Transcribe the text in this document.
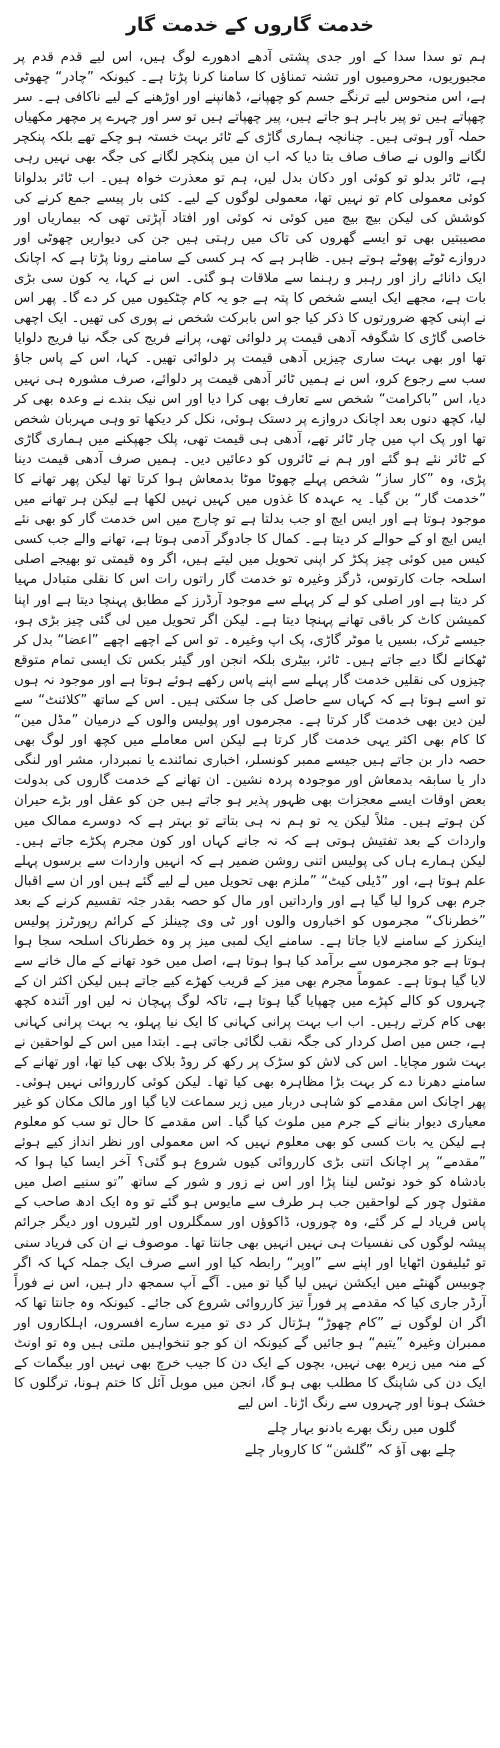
خدمت گاروں کے خدمت گار

ہم تو سدا سدا کے اور جدی پشتی آدھے ادھورے لوگ ہیں، اس لیے قدم قدم پر مجبوریوں، محرومیوں اور تشنہ تمناؤں کا سامنا کرنا پڑتا ہے۔ کیونکہ ”چادر“ چھوٹی ہے، اس منحوس لیے ترنگے جسم کو چھپانے، ڈھانپنے اور اوڑھنے کے لیے ناکافی ہے۔ سر چھپاتے ہیں تو پیر باہر ہو جاتے ہیں، پیر چھپاتے ہیں تو سر اور چہرے پر مچھر مکھیاں حملہ آور ہوتی ہیں۔ چنانچہ ہماری گاڑی کے ٹائر بہت خستہ ہو چکے تھے بلکہ پنکچر لگانے والوں نے صاف صاف بتا دیا کہ اب ان میں پنکچر لگانے کی جگہ بھی نہیں رہی ہے، ٹائر بدلو تو کوئی اور دکان بدل لیں، ہم تو معذرت خواہ ہیں۔ اب ٹائر بدلوانا کوئی معمولی کام تو نہیں تھا، معمولی لوگوں کے لیے۔ کئی بار پیسے جمع کرنے کی کوشش کی لیکن بیچ بیچ میں کوئی نہ کوئی اور افتاد آپڑتی تھی کہ بیماریاں اور مصیبتیں بھی تو ایسے گھروں کی تاک میں رہتی ہیں جن کی دیواریں چھوٹی اور دروازے ٹوٹے پھوٹے ہوتے ہیں۔ ظاہر ہے کہ ہر کسی کے سامنے رونا پڑتا ہے کہ اچانک ایک دانائے راز اور رہبر و رہنما سے ملاقات ہو گئی۔ اس نے کہا، یہ کون سی بڑی بات ہے، مجھے ایک ایسے شخص کا پتہ ہے جو یہ کام چٹکیوں میں کر دے گا۔ پھر اس نے اپنی کچھ ضرورتوں کا ذکر کیا جو اس بابرکت شخص نے پوری کی تھیں۔ ایک اچھی خاصی گاڑی کا شگوفہ آدھی قیمت پر دلوائی تھی، پرانے فریج کی جگہ نیا فریج دلوایا تھا اور بھی بہت ساری چیزیں آدھی قیمت پر دلوائی تھیں۔ کہا، اس کے پاس جاؤ سب سے رجوع کرو، اس نے ہمیں ٹائر آدھی قیمت پر دلوائے، صرف مشورہ ہی نہیں دیا، اس ”باکرامت“ شخص سے تعارف بھی کرا دیا اور اس نیک بندے نے وعدہ بھی کر لیا، کچھ دنوں بعد اچانک دروازے پر دستک ہوئی، نکل کر دیکھا تو وہی مہربان شخص تھا اور پک اپ میں چار ٹائر تھے، آدھی ہی قیمت تھی، پلک جھپکنے میں ہماری گاڑی کے ٹائر نئے ہو گئے اور ہم نے ٹائروں کو دعائیں دیں۔ ہمیں صرف آدھی قیمت دینا پڑی، وہ ”کار ساز“ شخص پہلے چھوٹا موٹا بدمعاش ہوا کرتا تھا لیکن پھر تھانے کا ”خدمت گار“ بن گیا۔ یہ عہدہ کا غذوں میں کہیں نہیں لکھا ہے لیکن ہر تھانے میں موجود ہوتا ہے اور ایس ایچ او جب بدلتا ہے تو چارج میں اس خدمت گار کو بھی نئے ایس ایچ او کے حوالے کر دیتا ہے۔ کمال کا جادوگر آدمی ہوتا ہے، تھانے والے جب کسی کیس میں کوئی چیز پکڑ کر اپنی تحویل میں لیتے ہیں، اگر وہ قیمتی تو بھیجے اصلی اسلحہ جات کارتوس، ڈرگز وغیرہ تو خدمت گار راتوں رات اس کا نقلی متبادل مہیا کر دیتا ہے اور اصلی کو لے کر پہلے سے موجود آرڈرز کے مطابق پہنچا دیتا ہے اور اپنا کمیشن کاٹ کر باقی تھانے پہنچا دیتا ہے۔ لیکن اگر تحویل میں لی گئی چیز بڑی ہو، جیسے ٹرک، بسیں یا موٹر گاڑی، پک اپ وغیرہ۔ تو اس کے اچھے اچھے ”اعضا“ بدل کر ٹھکانے لگا دیے جاتے ہیں۔ ٹائر، بیٹری بلکہ انجن اور گیئر بکس تک ایسی تمام متوقع چیزوں کی نقلیں خدمت گار پہلے سے اپنے پاس رکھے ہوئے ہوتا ہے اور موجود نہ ہوں تو اسے ہوتا ہے کہ کہاں سے حاصل کی جا سکتی ہیں۔ اس کے ساتھ ”کلائنٹ“ سے لین دین بھی خدمت گار کرتا ہے۔ مجرموں اور پولیس والوں کے درمیان ”مڈل مین“ کا کام بھی اکثر یہی خدمت گار کرتا ہے لیکن اس معاملے میں کچھ اور لوگ بھی حصہ دار بن جاتے ہیں جیسے ممبر کونسلر، اخباری نمائندے یا نمبردار، مشر اور لنگی دار یا سابقہ بدمعاش اور موجودہ پردہ نشین۔ ان تھانے کے خدمت گاروں کی بدولت بعض اوقات ایسے معجزات بھی ظہور پذیر ہو جاتے ہیں جن کو عقل اور بڑے حیران کن ہوتے ہیں۔ مثلاً لیکن یہ تو ہم نہ ہی بتاتے تو بہتر ہے کہ دوسرے ممالک میں واردات کے بعد تفتیش ہوتی ہے کہ نہ جانے کہاں اور کون مجرم پکڑے جاتے ہیں۔ لیکن ہمارے ہاں کی پولیس اتنی روشن ضمیر ہے کہ انہیں واردات سے برسوں پہلے علم ہوتا ہے، اور ”ڈیلی کیٹ“ ”ملزم بھی تحویل میں لے لیے گئے ہیں اور ان سے اقبال جرم بھی کروا لیا گیا ہے اور وارداتیں اور مال کو حصہ بقدر جثہ تقسیم کرنے کے بعد ”خطرناک“ مجرموں کو اخباروں والوں اور ٹی وی چینلز کے کرائم رپورٹرز پولیس اینکرز کے سامنے لایا جاتا ہے۔ سامنے ایک لمبی میز پر وہ خطرناک اسلحہ سجا ہوا ہوتا ہے جو مجرموں سے برآمد کیا ہوا ہوتا ہے، اصل میں خود تھانے کے مال خانے سے لایا گیا ہوتا ہے۔ عموماً مجرم بھی میز کے قریب کھڑے کیے جاتے ہیں لیکن اکثر ان کے چہروں کو کالے کپڑے میں چھپایا گیا ہوتا ہے، تاکہ لوگ پہچان نہ لیں اور آئندہ کچھ بھی کام کرتے رہیں۔ اب اب بہت پرانی کہانی کا ایک نیا پہلو، یہ بہت پرانی کہانی ہے، جس میں اصل کردار کی جگہ نقب لگائی جاتی ہے۔ ابتدا میں اس کے لواحقین نے بہت شور مچایا۔ اس کی لاش کو سڑک پر رکھ کر روڈ بلاک بھی کیا تھا، اور تھانے کے سامنے دھرنا دے کر بہت بڑا مظاہرہ بھی کیا تھا۔ لیکن کوئی کارروائی نہیں ہوئی۔ پھر اچانک اس مقدمے کو شاہی دربار میں زیر سماعت لایا گیا اور مالک مکان کو غیر معیاری دیوار بنانے کے جرم میں ملوث کیا گیا۔ اس مقدمے کا حال تو سب کو معلوم ہے لیکن یہ بات کسی کو بھی معلوم نہیں کہ اس معمولی اور نظر انداز کیے ہوئے ”مقدمے“ پر اچانک اتنی بڑی کارروائی کیوں شروع ہو گئی؟ آخر ایسا کیا ہوا کہ بادشاہ کو خود نوٹس لینا پڑا اور اس نے زور و شور کے ساتھ ”تو سنیے اصل میں مقتول چور کے لواحقین جب ہر طرف سے مایوس ہو گئے تو وہ ایک ادھ صاحب کے پاس فریاد لے کر گئے، وہ چوروں، ڈاکوؤں اور سمگلروں اور لٹیروں اور دیگر جرائم پیشہ لوگوں کی نفسیات ہی نہیں انہیں بھی جانتا تھا۔ موصوف نے ان کی فریاد سنی تو ٹیلیفون اٹھایا اور اپنے سے ”اوپر“ رابطہ کیا اور اسے صرف ایک جملہ کہا کہ اگر چوبیس گھنٹے میں ایکشن نہیں لیا گیا تو میں۔ آگے آپ سمجھ دار ہیں، اس نے فوراً آرڈر جاری کیا کہ مقدمے پر فوراً تیز کارروائی شروع کی جائے۔ کیونکہ وہ جانتا تھا کہ اگر ان لوگوں نے ”کام چھوڑ“ ہڑتال کر دی تو میرے سارے افسروں، اہلکاروں اور ممبران وغیرہ ”یتیم“ ہو جائیں گے کیونکہ ان کو جو تنخواہیں ملتی ہیں وہ تو اونٹ کے منہ میں زیرہ بھی نہیں، بچوں کے ایک دن کا جیب خرچ بھی نہیں اور بیگمات کے ایک دن کی شاپنگ کا مطلب بھی ہو گا، انجن میں موبل آئل کا ختم ہونا، ترگلوں کا خشک ہونا اور چہروں سے رنگ اڑنا۔ اس لیے

گلوں میں رنگ بھرے بادنو بہار چلے
چلے بھی آؤ کہ ”گلشن“ کا کاروبار چلے
